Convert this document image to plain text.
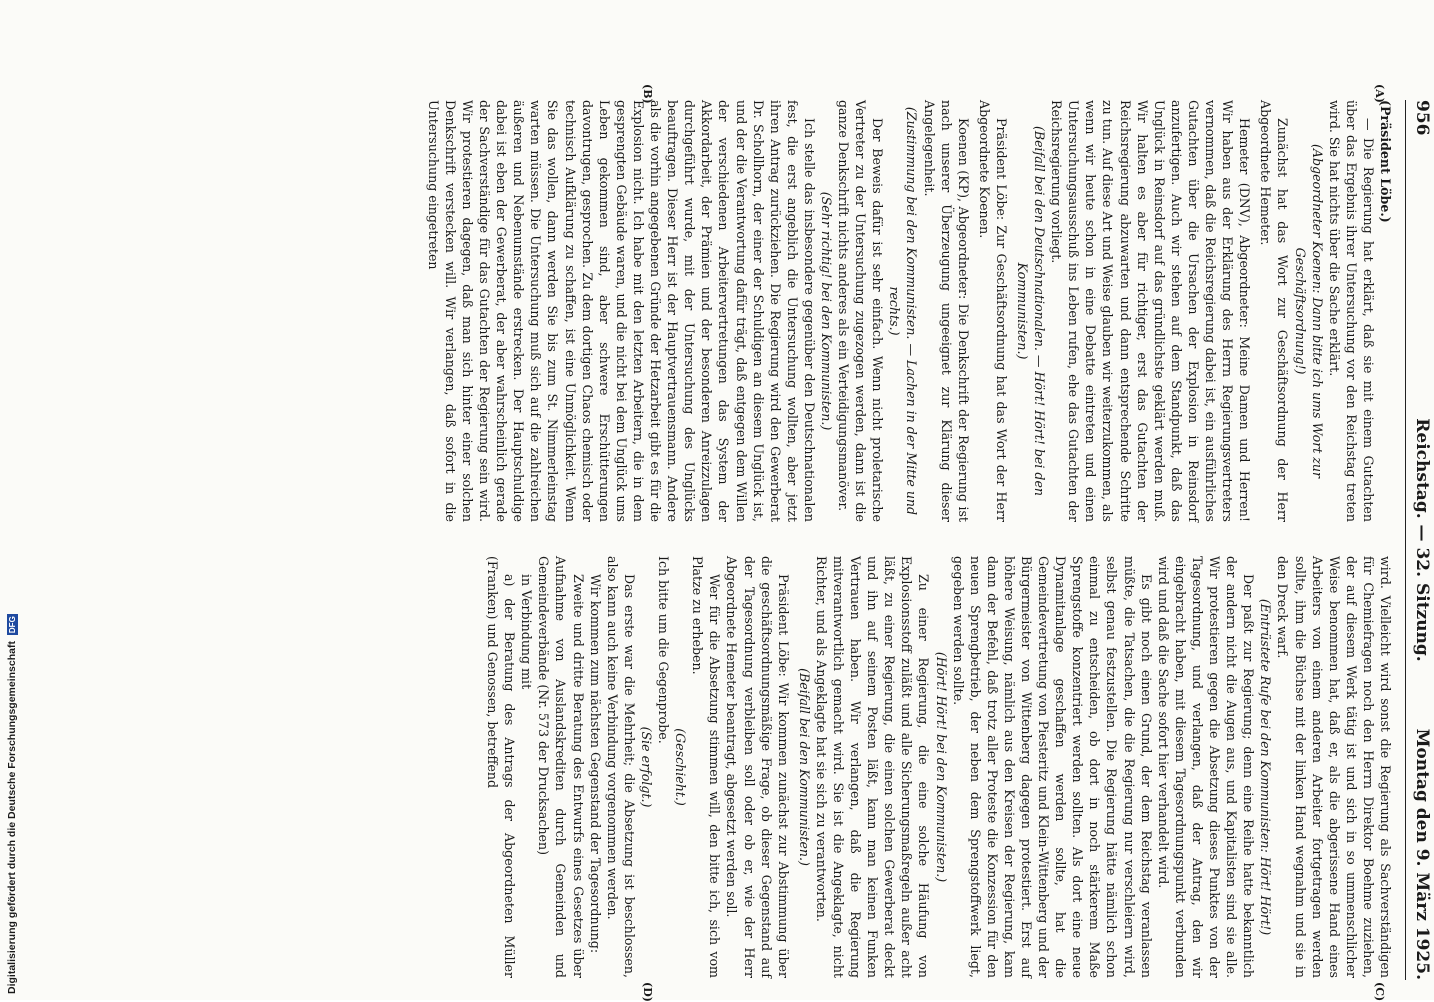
956
Reichstag. — 32. Sitzung.
Montag den 9. März 1925.
(A)
(B)
(C)
(D)

(Präsident Löbe.)

— Die Regierung hat erklärt, daß sie mit einem Gutachten über das Ergebnis ihrer Untersuchung vor den Reichstag treten wird. Sie hat nichts über die Sache erklärt.

(Abgeordneter Koenen: Dann bitte ich ums Wort zur Geschäftsordnung!)

Zunächst hat das Wort zur Geschäftsordnung der Herr Abgeordnete Hemeter.

Hemeter (DNV), Abgeordneter: Meine Damen und Herren! Wir haben aus der Erklärung des Herrn Regierungsvertreters vernommen, daß die Reichsregierung dabei ist, ein ausführliches Gutachten über die Ursachen der Explosion in Reinsdorf anzufertigen. Auch wir stehen auf dem Standpunkt, daß das Unglück in Reinsdorf auf das gründlichste geklärt werden muß. Wir halten es aber für richtiger, erst das Gutachten der Reichsregierung abzuwarten und dann entsprechende Schritte zu tun. Auf diese Art und Weise glauben wir weiterzukommen, als wenn wir heute schon in eine Debatte eintreten und einen Untersuchungsausschuß ins Leben rufen, ehe das Gutachten der Reichsregierung vorliegt.

(Beifall bei den Deutschnationalen. — Hört! Hört! bei den Kommunisten.)

Präsident Löbe: Zur Geschäftsordnung hat das Wort der Herr Abgeordnete Koenen.

Koenen (KP), Abgeordneter: Die Denkschrift der Regierung ist nach unserer Überzeugung ungeeignet zur Klärung dieser Angelegenheit.

(Zustimmung bei den Kommunisten. — Lachen in der Mitte und rechts.)

Der Beweis dafür ist sehr einfach. Wenn nicht proletarische Vertreter zu der Untersuchung zugezogen werden, dann ist die ganze Denkschrift nichts anderes als ein Verteidigungsmanöver.

(Sehr richtig! bei den Kommunisten.)

Ich stelle das insbesondere gegenüber den Deutschnationalen fest, die erst angeblich die Untersuchung wollten, aber jetzt ihren Antrag zurückziehen. Die Regierung wird den Gewerberat Dr. Schollhorn, der einer der Schuldigen an diesem Unglück ist, und der die Verantwortung dafür trägt, daß entgegen dem Willen der verschiedenen Arbeitervertretungen das System der Akkordarbeit, der Prämien und der besonderen Anreizzulagen durchgeführt wurde, mit der Untersuchung des Unglücks beauftragen. Dieser Herr ist der Hauptvertrauensmann. Andere als die vorhin angegebenen Gründe der Hetzarbeit gibt es für die Explosion nicht. Ich habe mit den letzten Arbeitern, die in dem gesprengten Gebäude waren, und die nicht bei dem Unglück ums Leben gekommen sind, aber schwere Erschütterungen davontrugen, gesprochen. Zu dem dortigen Chaos chemisch oder technisch Aufklärung zu schaffen, ist eine Unmöglichkeit. Wenn Sie das wollen, dann werden Sie bis zum St. Nimmerleinstag warten müssen. Die Untersuchung muß sich auf die zahlreichen äußeren und Nebenumstände erstrecken. Der Hauptschuldige dabei ist eben der Gewerberat, der aber wahrscheinlich gerade der Sachverständige für das Gutachten der Regierung sein wird. Wir protestieren dagegen, daß man sich hinter einer solchen Denkschrift verstecken will. Wir verlangen, daß sofort in die Untersuchung eingetreten

wird. Vielleicht wird sonst die Regierung als Sachverständigen für Chemiefragen noch den Herrn Direktor Boehme zuziehen, der auf diesem Werk tätig ist und sich in so ummenschlicher Weise benommen hat, daß er, als die abgerissene Hand eines Arbeiters von einem anderen Arbeiter fortgetragen werden sollte, ihm die Büchse mit der linken Hand wegnahm und sie in den Dreck warf.

(Entrüstete Rufe bei den Kommunisten: Hört! Hört!)

Der paßt zur Regierung; denn eine Reihe hatte bekanntlich der andern nicht die Augen aus, und Kapitalisten sind sie alle. Wir protestieren gegen die Absetzung dieses Punktes von der Tagesordnung, und verlangen, daß der Antrag, den wir eingebracht haben, mit diesem Tagesordnungspunkt verbunden wird und daß die Sache sofort hier verhandelt wird.

Es gibt noch einen Grund, der dem Reichstag veranlassen müßte, die Tatsachen, die die Regierung nur verschleiern wird, selbst genau festzustellen. Die Regierung hätte nämlich schon einmal zu entscheiden, ob dort in noch stärkerem Maße Sprengstoffe konzentriert werden sollten. Als dort eine neue Dynamitanlage geschaffen werden sollte, hat die Gemeindevertretung von Piesteritz und Klein-Wittenberg und der Bürgermeister von Wittenberg dagegen protestiert. Erst auf höhere Weisung, nämlich aus den Kreisen der Regierung, kam dann der Befehl, daß trotz aller Proteste die Konzession für den neuen Sprengbetrieb, der neben dem Sprengstoffwerk liegt, gegeben werden sollte.

(Hört! Hört! bei den Kommunisten.)

Zu einer Regierung, die eine solche Häufung von Explosionsstoff zuläßt und alle Sicherungsmaßregeln außer acht läßt, zu einer Regierung, die einen solchen Gewerberat deckt und ihn auf seinem Posten läßt, kann man keinen Funken Vertrauen haben. Wir verlangen, daß die Regierung mitverantwortlich gemacht wird. Sie ist die Angeklagte, nicht Richter, und als Angeklagte hat sie sich zu verantworten.

(Beifall bei den Kommunisten.)

Präsident Löbe: Wir kommen zunächst zur Abstimmung über die geschäftsordnungsmäßige Frage, ob dieser Gegenstand auf der Tagesordnung verbleiben soll oder ob er, wie der Herr Abgeordnete Hemeter beantragt, abgesetzt werden soll.

Wer für die Absetzung stimmen will, den bitte ich, sich vom Platze zu erheben.

(Geschieht.)

Ich bitte um die Gegenprobe.

(Sie erfolgt.)

Das erste war die Mehrheit; die Absetzung ist beschlossen, also kann auch keine Verbindung vorgenommen werden.

Wir kommen zum nächsten Gegenstand der Tagesordnung:

Zweite und dritte Beratung des Entwurfs eines Gesetzes über Aufnahme von Auslandskrediten durch Gemeinden und Gemeindeverbände (Nr. 573 der Drucksachen)

in Verbindung mit

a) der Beratung des Antrags der Abgeordneten Müller (Franken) und Genossen, betreffend

Digitalisierung gefördert durch die Deutsche Forschungsgemeinschaft DFG
